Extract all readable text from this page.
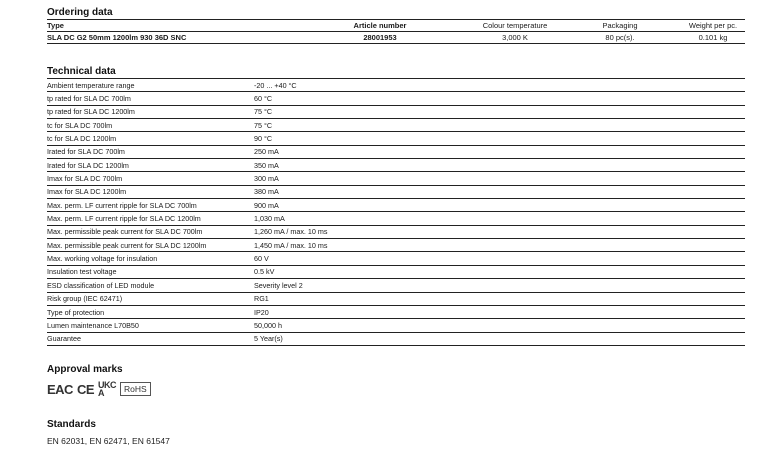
Ordering data
Type	Article number	Colour temperature	Packaging	Weight per pc.
SLA DC G2 50mm 1200lm 930 36D SNC	28001953	3,000 K	80 pc(s).	0.101 kg
Technical data
Ambient temperature range	-20 ... +40 °C
tp rated for SLA DC 700lm	60 °C
tp rated for SLA DC 1200lm	75 °C
tc for SLA DC 700lm	75 °C
tc for SLA DC 1200lm	90 °C
Irated for SLA DC 700lm	250 mA
Irated for SLA DC 1200lm	350 mA
Imax for SLA DC 700lm	300 mA
Imax for SLA DC 1200lm	380 mA
Max. perm. LF current ripple for SLA DC 700lm	900 mA
Max. perm. LF current ripple for SLA DC 1200lm	1,030 mA
Max. permissible peak current for SLA DC 700lm	1,260 mA / max. 10 ms
Max. permissible peak current for SLA DC 1200lm	1,450 mA / max. 10 ms
Max. working voltage for insulation	60 V
Insulation test voltage	0.5 kV
ESD classification of LED module	Severity level 2
Risk group (IEC 62471)	RG1
Type of protection	IP20
Lumen maintenance L70B50	50,000 h
Guarantee	5 Year(s)
Approval marks
EAC CE UKCA	RoHS
Standards
EN 62031, EN 62471, EN 61547
